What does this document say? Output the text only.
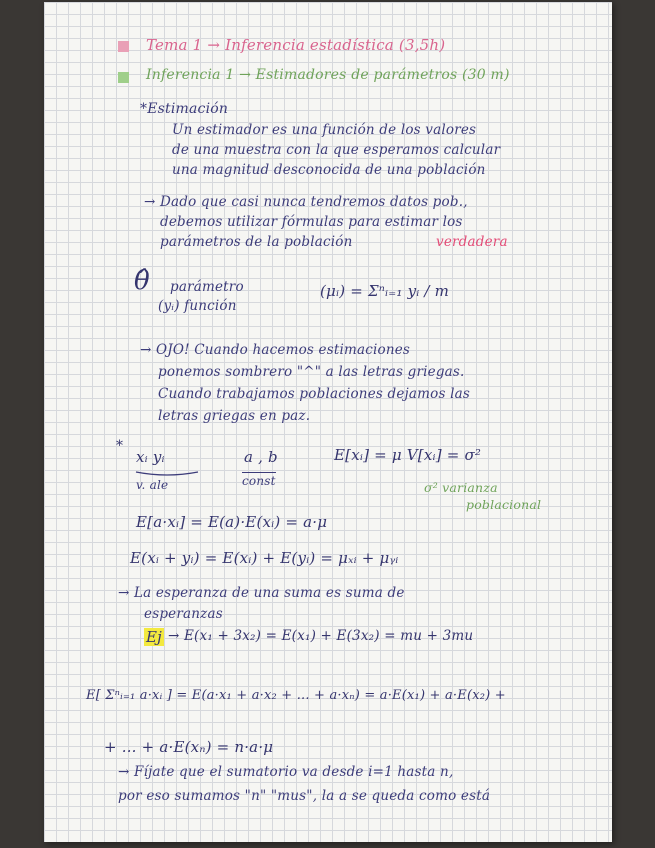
Tema 1 → Inferencia estadística (3,5h)
Inferencia 1 → Estimadores de parámetros (30 m)
*Estimación
Un estimador es una función de los valores
de una muestra con la que esperamos calcular
una magnitud desconocida de una población
→ Dado que casi nunca tendremos datos pob.,
debemos utilizar fórmulas para estimar los
parámetros de la población	verdadera
θ̂ parámetro
(yᵢ) función
(μᵢ) = Σⁿᵢ₌₁ yᵢ / m
→ OJO! Cuando hacemos estimaciones
ponemos sombrero "^" a las letras griegas.
Cuando trabajamos poblaciones dejamos las
letras griegas en paz.
*
xᵢ yᵢ
v. ale
a , b
const
E[xᵢ] = μ V[xᵢ] = σ²
σ² varianza
poblacional
E[a·xᵢ] = E(a)·E(xᵢ) = a·μ
E(xᵢ + yᵢ) = E(xᵢ) + E(yᵢ) = μₓᵢ + μᵧᵢ
→ La esperanza de una suma es suma de
esperanzas
Ej → E(x₁ + 3x₂) = E(x₁) + E(3x₂) = mu + 3mu
E[ Σⁿᵢ₌₁ a·xᵢ ] = E(a·x₁ + a·x₂ + ... + a·xₙ) = a·E(x₁) + a·E(x₂) +
+ ... + a·E(xₙ) = n·a·μ
→ Fíjate que el sumatorio va desde i=1 hasta n,
por eso sumamos "n" "mus", la a se queda como está
